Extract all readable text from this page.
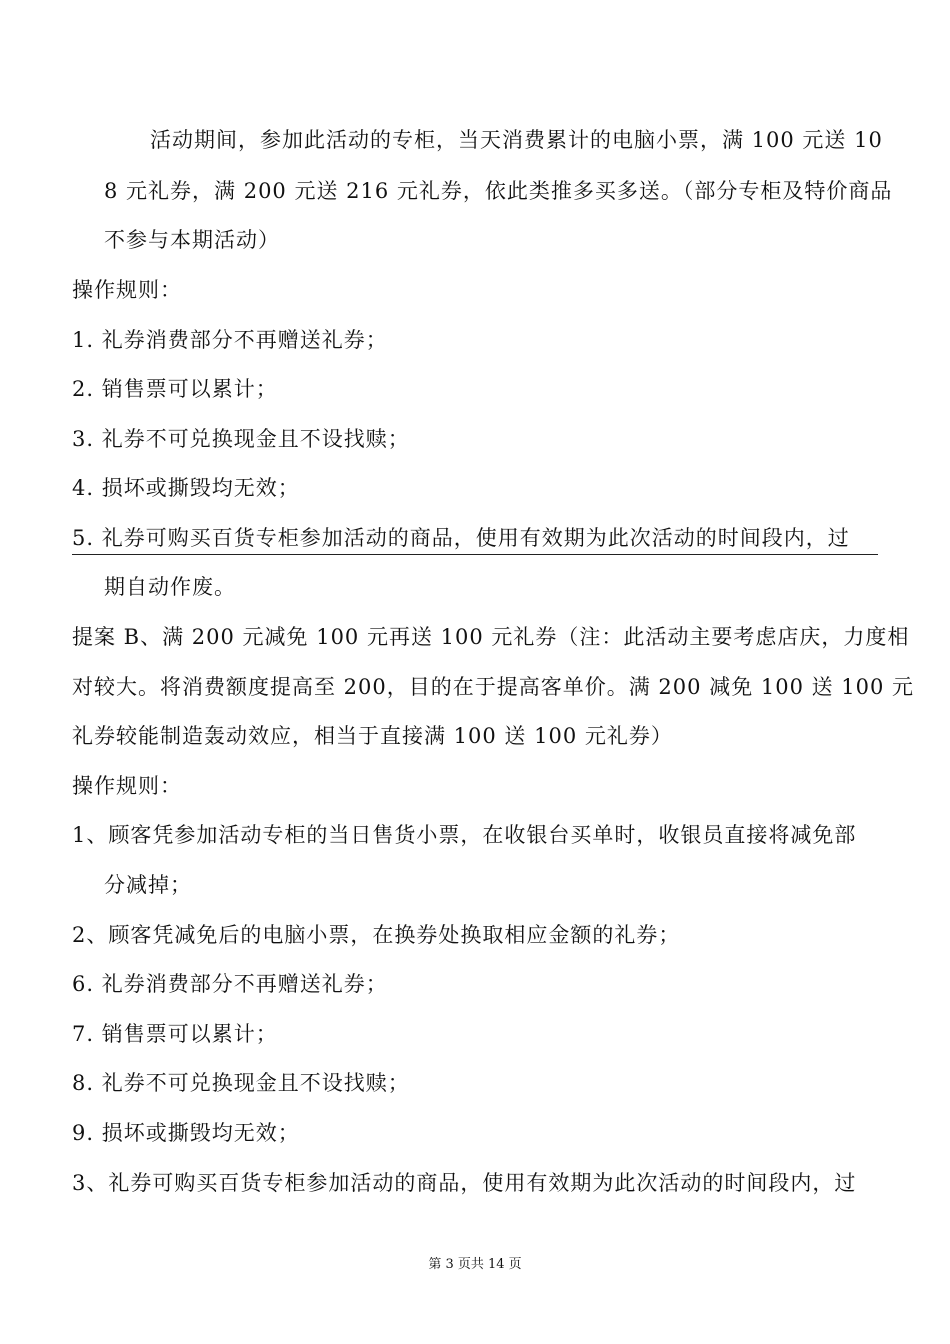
活动期间，参加此活动的专柜，当天消费累计的电脑小票，满 100 元送 10
8 元礼券，满 200 元送 216 元礼券，依此类推多买多送。（部分专柜及特价商品
不参与本期活动）
操作规则：
1. 礼券消费部分不再赠送礼券；
2. 销售票可以累计；
3. 礼券不可兑换现金且不设找赎；
4. 损坏或撕毁均无效；
5. 礼券可购买百货专柜参加活动的商品，使用有效期为此次活动的时间段内，过
期自动作废。
提案 B、满 200 元减免 100 元再送 100 元礼券（注：此活动主要考虑店庆，力度相
对较大。将消费额度提高至 200，目的在于提高客单价。满 200 减免 100 送 100 元
礼券较能制造轰动效应，相当于直接满 100 送 100 元礼券）
操作规则：
1、顾客凭参加活动专柜的当日售货小票，在收银台买单时，收银员直接将减免部
分减掉；
2、顾客凭减免后的电脑小票，在换券处换取相应金额的礼券；
6. 礼券消费部分不再赠送礼券；
7. 销售票可以累计；
8. 礼券不可兑换现金且不设找赎；
9. 损坏或撕毁均无效；
3、礼券可购买百货专柜参加活动的商品，使用有效期为此次活动的时间段内，过
第 3 页共 14 页
